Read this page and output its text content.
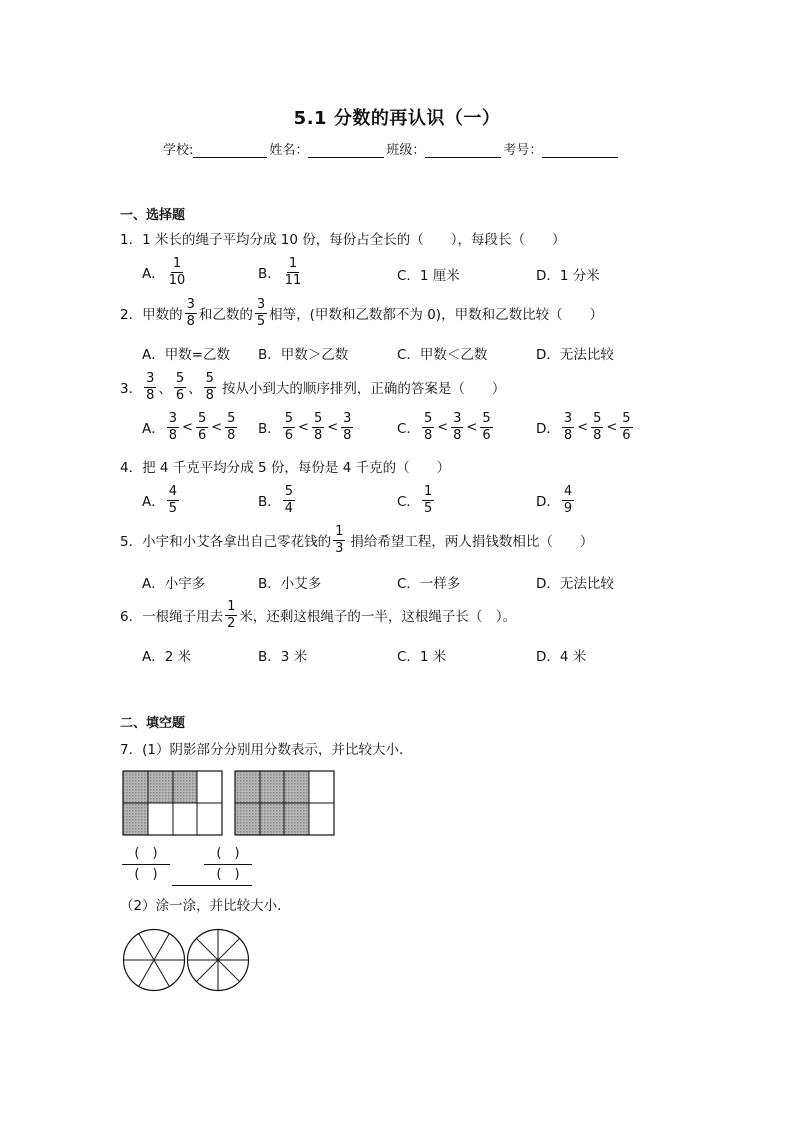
5.1 分数的再认识（一）
学校:	姓名：	班级：	考号：
一、选择题
1．1 米长的绳子平均分成 10 份，每份占全长的（　　），每段长（　　）
A． $\frac{1}{10}$	B． $\frac{1}{11}$	C．1 厘米	D．1 分米
2．甲数的 $\frac{3}{8}$ 和乙数的 $\frac{3}{5}$ 相等，(甲数和乙数都不为 0)，甲数和乙数比较（　　）
A．甲数=乙数 B．甲数＞乙数	C．甲数＜乙数	D．无法比较
3． $\frac{3}{8}$ 、 $\frac{5}{6}$ 、 $\frac{5}{8}$ 按从小到大的顺序排列，正确的答案是（　　）
A． $\frac{3}{8} < \frac{5}{6} < \frac{5}{8}$ B． $\frac{5}{6} < \frac{5}{8} < \frac{3}{8}$	C． $\frac{5}{8} < \frac{3}{8} < \frac{5}{6}$	D． $\frac{3}{8} < \frac{5}{8} < \frac{5}{6}$
4．把 4 千克平均分成 5 份，每份是 4 千克的（　　）
A． $\frac{4}{5}$	B． $\frac{5}{4}$	C． $\frac{1}{5}$	D． $\frac{4}{9}$
5．小宇和小艾各拿出自己零花钱的 $\frac{1}{3}$ 捐给希望工程，两人捐钱数相比（　　）
A．小宇多	B．小艾多	C．一样多	D．无法比较
6．一根绳子用去 $\frac{1}{2}$ 米，还剩这根绳子的一半，这根绳子长（　）。
A．2 米	B．3 米	C．1 米	D．4 米
二、填空题
7．(1）阴影部分分别用分数表示，并比较大小．
(　)
(　)
(　)
(　)
（2）涂一涂，并比较大小．
